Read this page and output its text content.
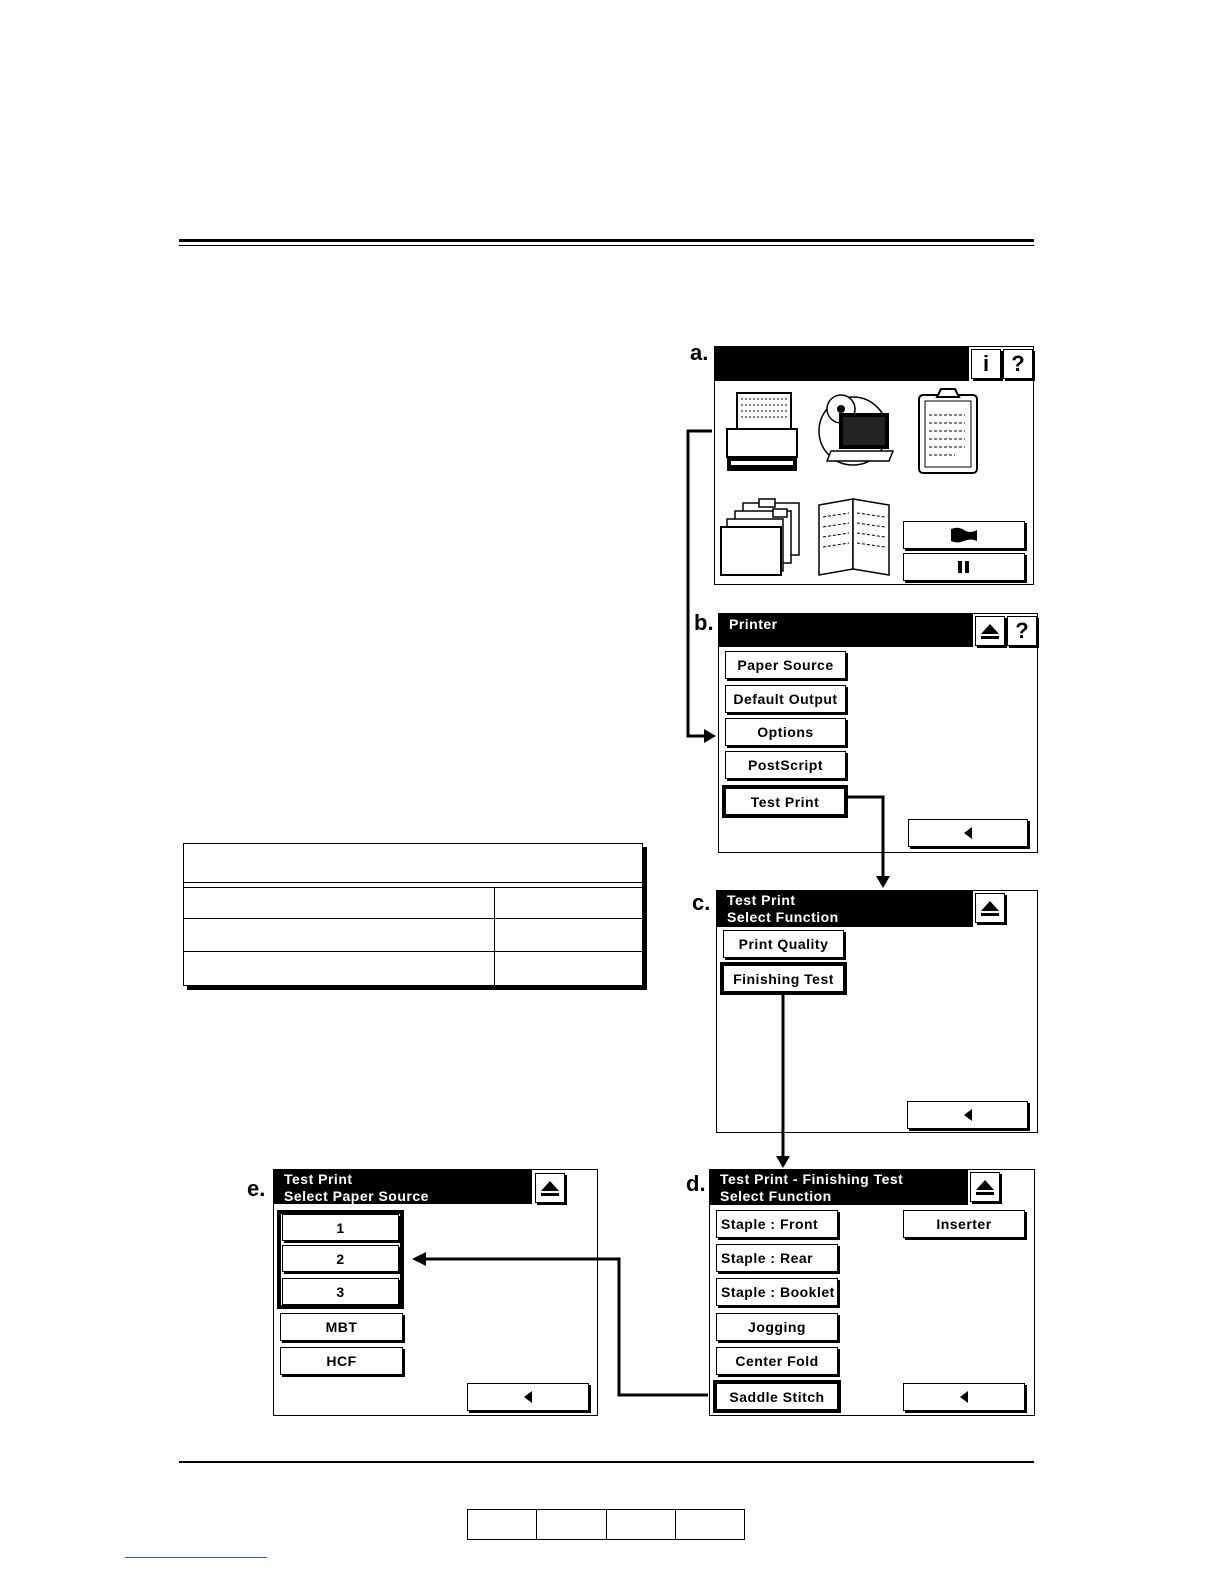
a.	i	?
b.	Printer	?
Paper Source
Default Output
Options
PostScript
Test Print
c. Test Print
Select Function
Print Quality
Finishing Test
d. Test Print - Finishing Test
Select Function
Staple : Front
Staple : Rear
Staple : Booklet
Jogging
Center Fold
Saddle Stitch
Inserter
e. Test Print
Select Paper Source
1
2
3
MBT
HCF
